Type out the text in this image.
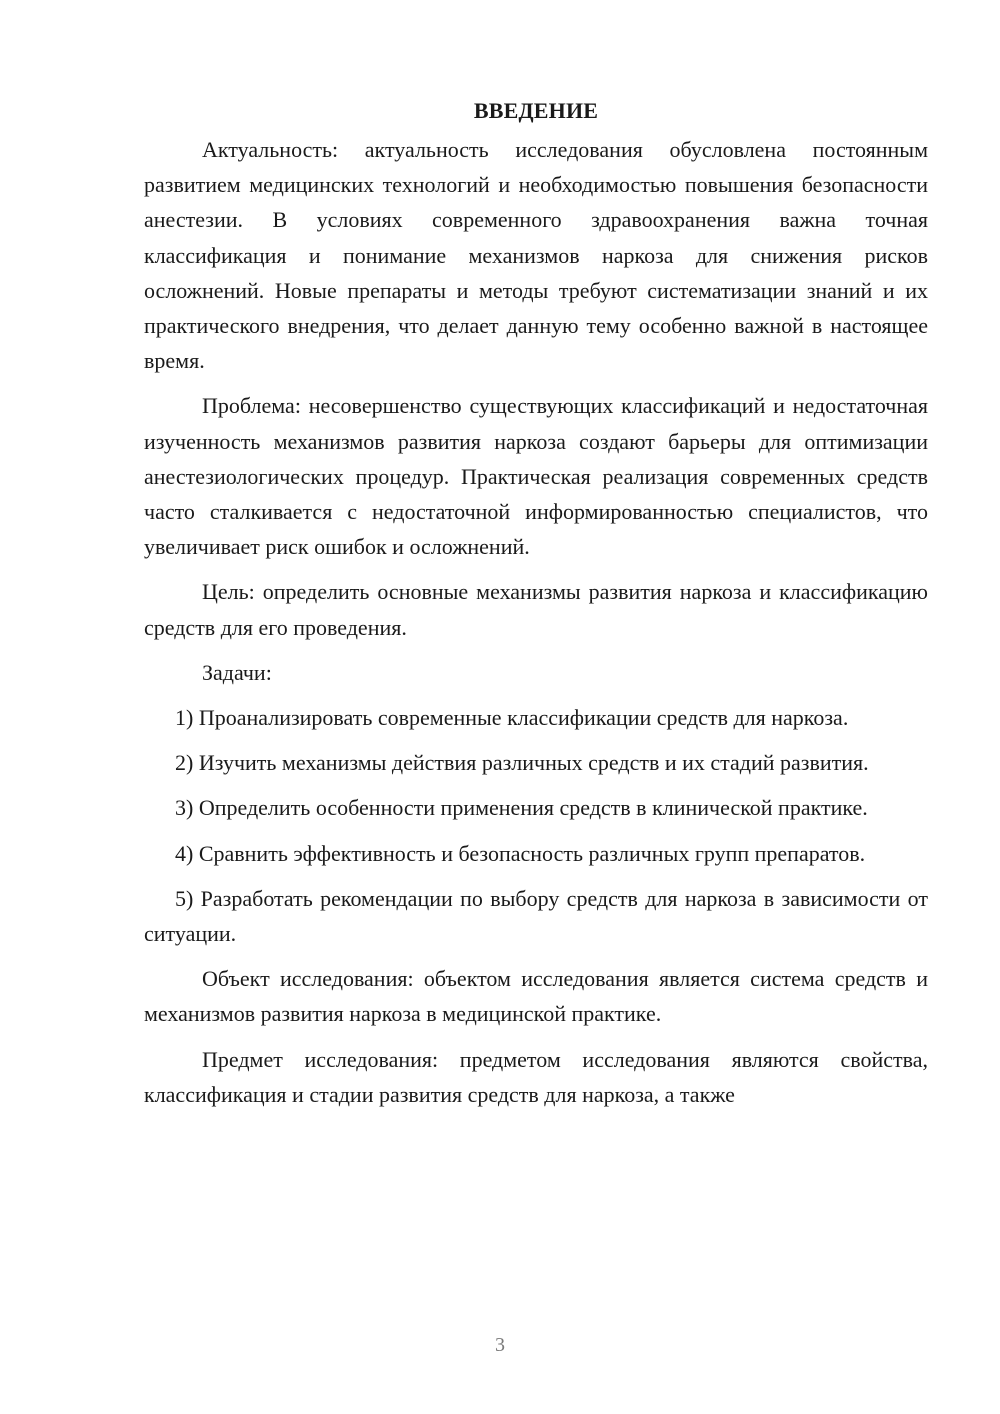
ВВЕДЕНИЕ

Актуальность: актуальность исследования обусловлена постоянным развитием медицинских технологий и необходимостью повышения безопасности анестезии. В условиях современного здравоохранения важна точная классификация и понимание механизмов наркоза для снижения рисков осложнений. Новые препараты и методы требуют систематизации знаний и их практического внедрения, что делает данную тему особенно важной в настоящее время.

Проблема: несовершенство существующих классификаций и недостаточная изученность механизмов развития наркоза создают барьеры для оптимизации анестезиологических процедур. Практическая реализация современных средств часто сталкивается с недостаточной информированностью специалистов, что увеличивает риск ошибок и осложнений.

Цель: определить основные механизмы развития наркоза и классификацию средств для его проведения.

Задачи:

1) Проанализировать современные классификации средств для наркоза.

2) Изучить механизмы действия различных средств и их стадий развития.

3) Определить особенности применения средств в клинической практике.

4) Сравнить эффективность и безопасность различных групп препаратов.

5) Разработать рекомендации по выбору средств для наркоза в зависимости от ситуации.

Объект исследования: объектом исследования является система средств и механизмов развития наркоза в медицинской практике.

Предмет исследования: предметом исследования являются свойства, классификация и стадии развития средств для наркоза, а также

3
